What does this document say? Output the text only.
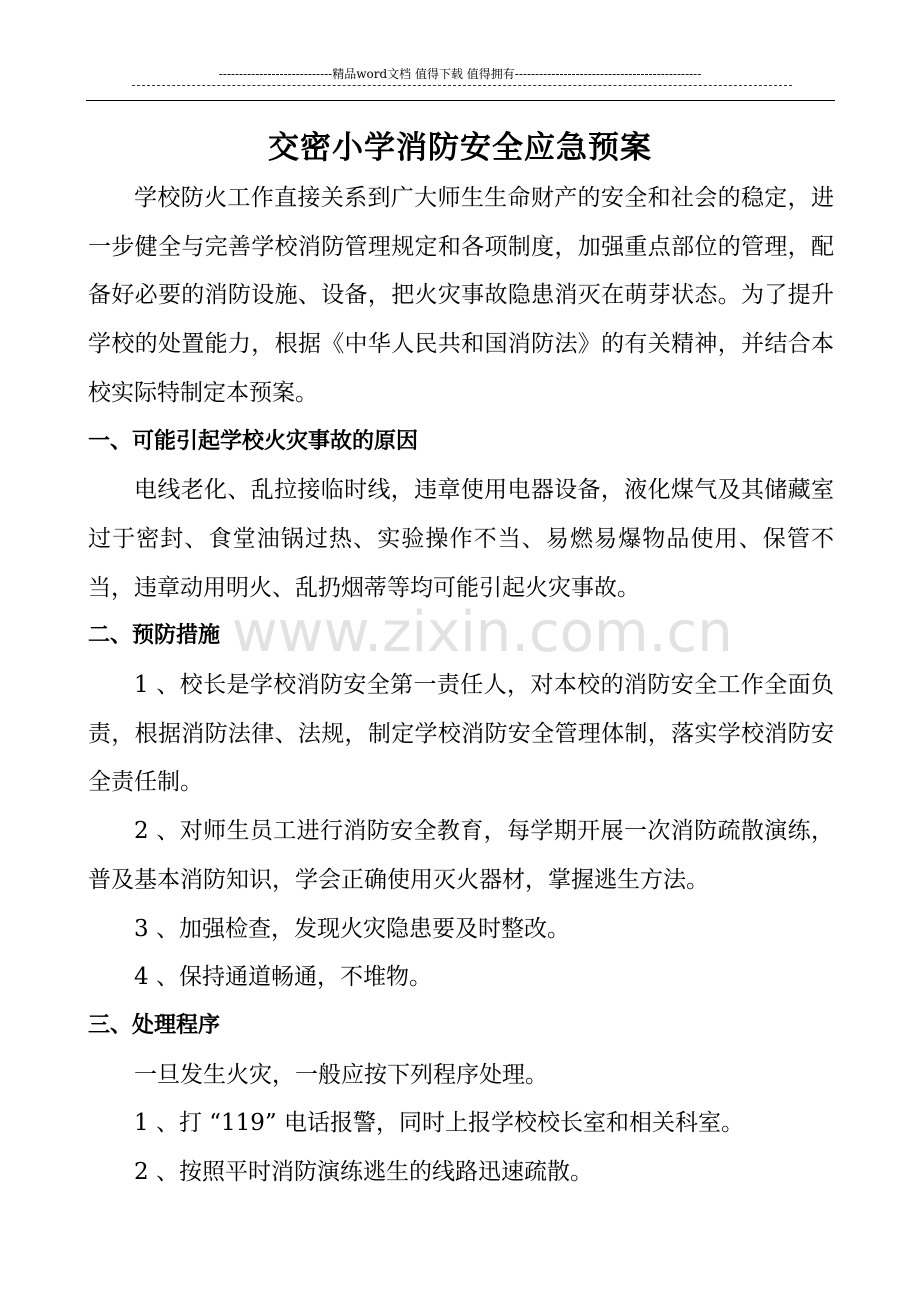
----------------------------精品word文档 值得下载 值得拥有----------------------------------------------
交密小学消防安全应急预案

学校防火工作直接关系到广大师生生命财产的安全和社会的稳定，进一步健全与完善学校消防管理规定和各项制度，加强重点部位的管理，配备好必要的消防设施、设备，把火灾事故隐患消灭在萌芽状态。为了提升学校的处置能力，根据《中华人民共和国消防法》的有关精神，并结合本校实际特制定本预案。

一、可能引起学校火灾事故的原因

电线老化、乱拉接临时线，违章使用电器设备，液化煤气及其储藏室过于密封、食堂油锅过热、实验操作不当、易燃易爆物品使用、保管不当，违章动用明火、乱扔烟蒂等均可能引起火灾事故。

二、预防措施

1 、校长是学校消防安全第一责任人，对本校的消防安全工作全面负责，根据消防法律、法规，制定学校消防安全管理体制，落实学校消防安全责任制。

2 、对师生员工进行消防安全教育，每学期开展一次消防疏散演练，普及基本消防知识，学会正确使用灭火器材，掌握逃生方法。

3 、加强检查，发现火灾隐患要及时整改。

4 、保持通道畅通，不堆物。

三、处理程序

一旦发生火灾，一般应按下列程序处理。

1 、打 “119” 电话报警，同时上报学校校长室和相关科室。

2 、按照平时消防演练逃生的线路迅速疏散。

www.zixin.com.cn
